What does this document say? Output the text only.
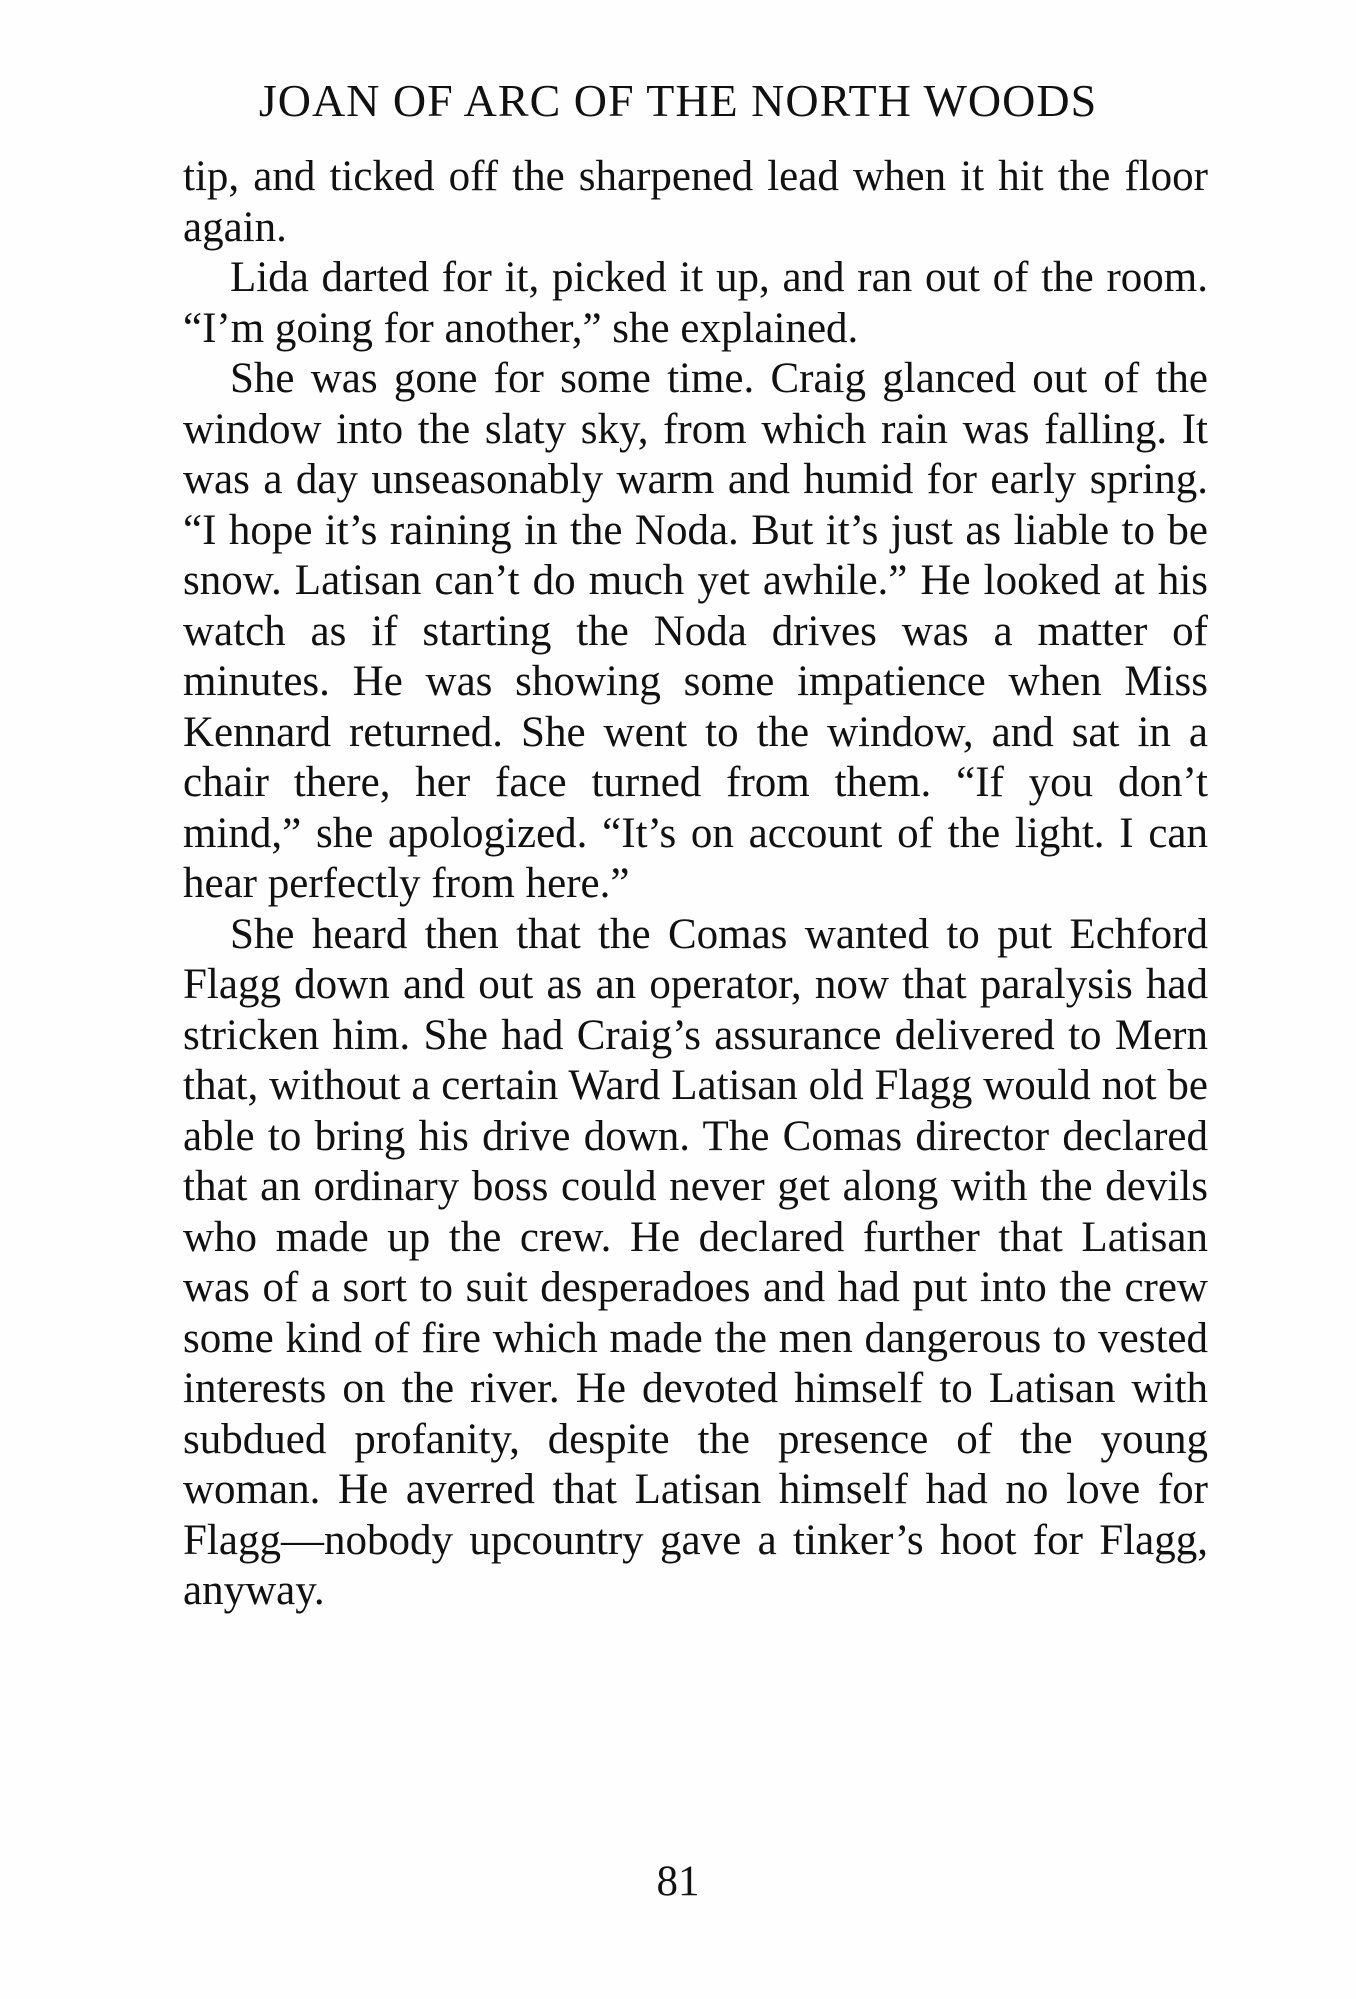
JOAN OF ARC OF THE NORTH WOODS

tip, and ticked off the sharpened lead when it hit the floor again.

Lida darted for it, picked it up, and ran out of the room. “I’m going for another,” she explained.

She was gone for some time. Craig glanced out of the window into the slaty sky, from which rain was falling. It was a day unseasonably warm and humid for early spring. “I hope it’s raining in the Noda. But it’s just as liable to be snow. Latisan can’t do much yet awhile.” He looked at his watch as if starting the Noda drives was a matter of minutes. He was showing some impatience when Miss Kennard returned. She went to the window, and sat in a chair there, her face turned from them. “If you don’t mind,” she apologized. “It’s on account of the light. I can hear perfectly from here.”

She heard then that the Comas wanted to put Echford Flagg down and out as an operator, now that paralysis had stricken him. She had Craig’s assurance delivered to Mern that, without a certain Ward Latisan old Flagg would not be able to bring his drive down. The Comas director declared that an ordinary boss could never get along with the devils who made up the crew. He declared further that Latisan was of a sort to suit desperadoes and had put into the crew some kind of fire which made the men dangerous to vested interests on the river. He devoted himself to Latisan with subdued profanity, despite the presence of the young woman. He averred that Latisan himself had no love for Flagg—nobody upcountry gave a tinker’s hoot for Flagg, anyway.

81
